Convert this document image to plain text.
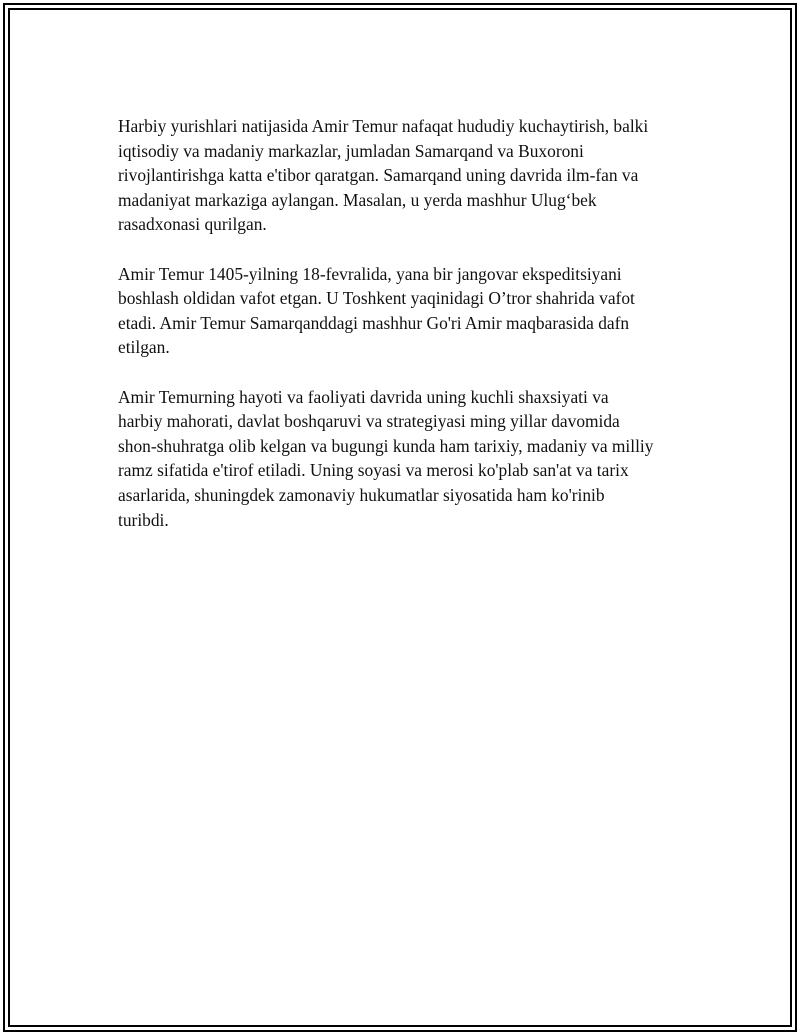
Harbiy yurishlari natijasida Amir Temur nafaqat hududiy kuchaytirish, balki
iqtisodiy va madaniy markazlar, jumladan Samarqand va Buxoroni
rivojlantirishga katta e'tibor qaratgan. Samarqand uning davrida ilm-fan va
madaniyat markaziga aylangan. Masalan, u yerda mashhur Ulug‘bek
rasadxonasi qurilgan.

Amir Temur 1405-yilning 18-fevralida, yana bir jangovar ekspeditsiyani
boshlash oldidan vafot etgan. U Toshkent yaqinidagi O’tror shahrida vafot
etadi. Amir Temur Samarqanddagi mashhur Go'ri Amir maqbarasida dafn
etilgan.

Amir Temurning hayoti va faoliyati davrida uning kuchli shaxsiyati va
harbiy mahorati, davlat boshqaruvi va strategiyasi ming yillar davomida
shon-shuhratga olib kelgan va bugungi kunda ham tarixiy, madaniy va milliy
ramz sifatida e'tirof etiladi. Uning soyasi va merosi ko'plab san'at va tarix
asarlarida, shuningdek zamonaviy hukumatlar siyosatida ham ko'rinib
turibdi.
